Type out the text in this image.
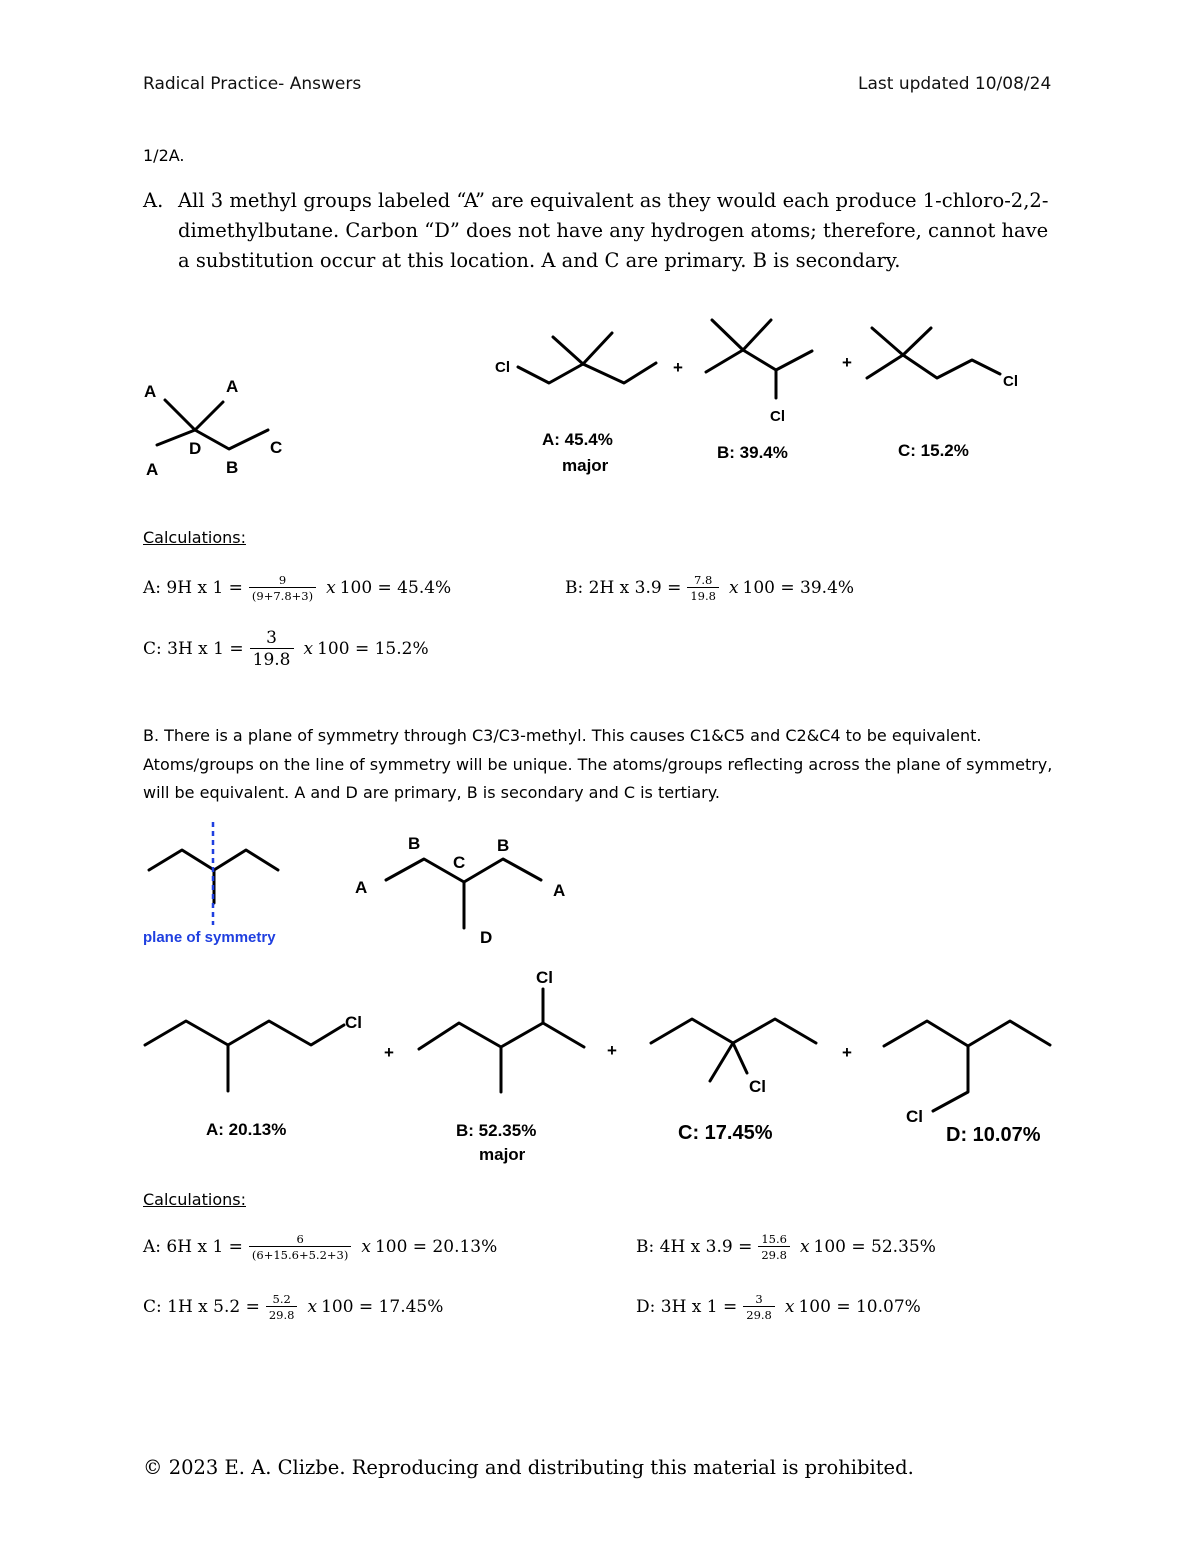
Radical Practice- Answers	Last updated 10/08/24
1/2A.
A. All 3 methyl groups labeled “A” are equivalent as they would each produce 1-chloro-2,2-dimethylbutane. Carbon “D” does not have any hydrogen atoms; therefore, cannot have a substitution occur at this location. A and C are primary. B is secondary.
A	A
A
D
B
C
Cl
Cl
Cl
+	+
A: 45.4%
major
B: 39.4%	C: 15.2%
Calculations:
A: 9H x $1 = \frac{9}{(9+7.8+3)}$ x 100 = 45.4%	B: 2H x $3.9 = \frac{7.8}{19.8}$ x 100 = 39.4%
C: 3H x $1 = \frac{3}{19.8}$ x 100 = 15.2%
B. There is a plane of symmetry through C3/C3-methyl. This causes C1&C5 and C2&C4 to be equivalent. Atoms/groups on the line of symmetry will be unique. The atoms/groups reflecting across the plane of symmetry, will be equivalent. A and D are primary, B is secondary and C is tertiary.
plane of symmetry
A	A
B	B
C
D
Cl
Cl
Cl
Cl
+	+	+
A: 20.13%	B: 52.35%
major
C: 17.45%	D: 10.07%
Calculations:
A: 6H x $1 = \frac{6}{(6+15.6+5.2+3)}$ x 100 = 20.13%	B: 4H x $3.9 = \frac{15.6}{29.8}$ x 100 = 52.35%
C: 1H x $5.2 = \frac{5.2}{29.8}$ x 100 = 17.45%	D: 3H x $1 = \frac{3}{29.8}$ x 100 = 10.07%
© 2023 E. A. Clizbe. Reproducing and distributing this material is prohibited.
